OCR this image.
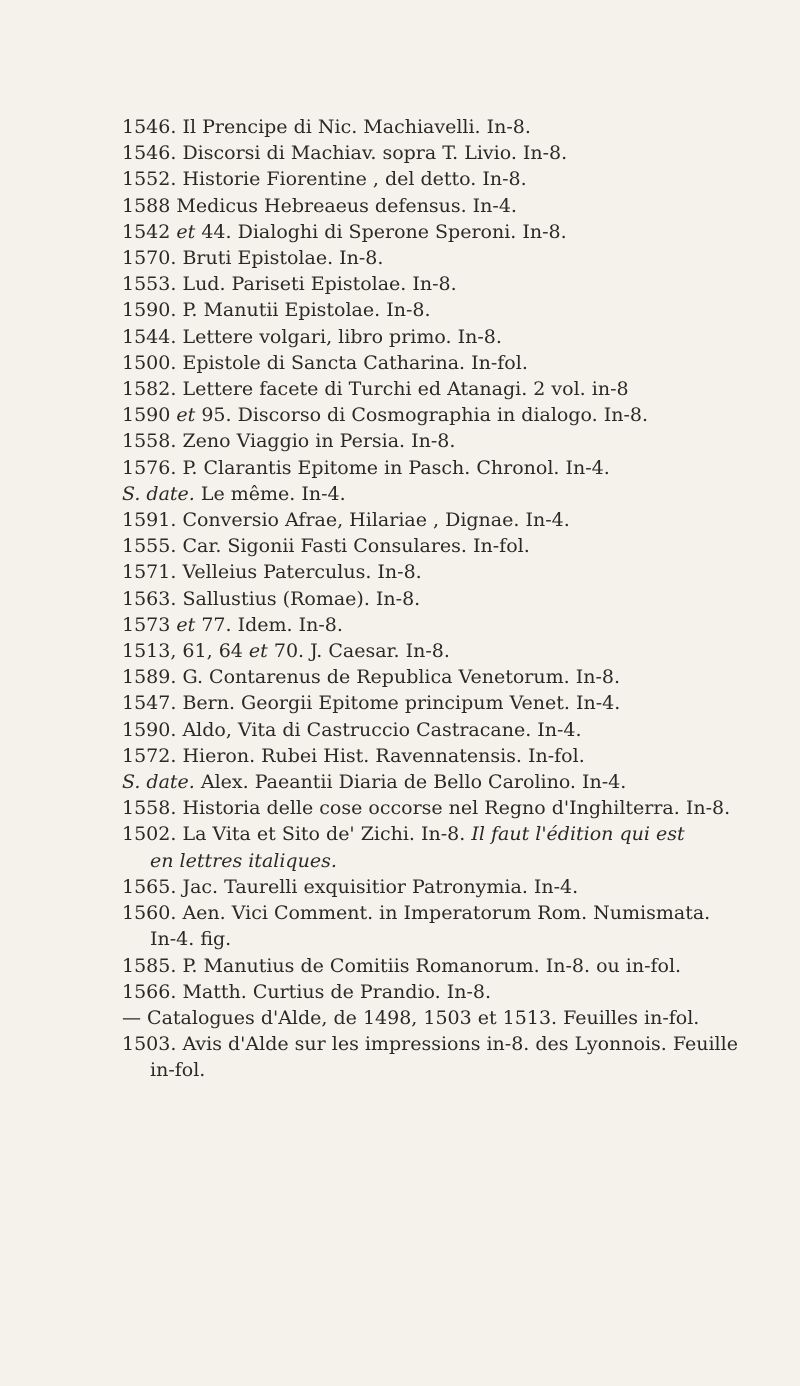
1546. Il Prencipe di Nic. Machiavelli. In-8.
1546. Discorsi di Machiav. sopra T. Livio. In-8.
1552. Historie Fiorentine , del detto. In-8.
1588 Medicus Hebreaeus defensus. In-4.
1542 et 44. Dialoghi di Sperone Speroni. In-8.
1570. Bruti Epistolae. In-8.
1553. Lud. Pariseti Epistolae. In-8.
1590. P. Manutii Epistolae. In-8.
1544. Lettere volgari, libro primo. In-8.
1500. Epistole di Sancta Catharina. In-fol.
1582. Lettere facete di Turchi ed Atanagi. 2 vol. in-8
1590 et 95. Discorso di Cosmographia in dialogo. In-8.
1558. Zeno Viaggio in Persia. In-8.
1576. P. Clarantis Epitome in Pasch. Chronol. In-4.
S. date. Le même. In-4.
1591. Conversio Afrae, Hilariae , Dignae. In-4.
1555. Car. Sigonii Fasti Consulares. In-fol.
1571. Velleius Paterculus. In-8.
1563. Sallustius (Romae). In-8.
1573 et 77. Idem. In-8.
1513, 61, 64 et 70. J. Caesar. In-8.
1589. G. Contarenus de Republica Venetorum. In-8.
1547. Bern. Georgii Epitome principum Venet. In-4.
1590. Aldo, Vita di Castruccio Castracane. In-4.
1572. Hieron. Rubei Hist. Ravennatensis. In-fol.
S. date. Alex. Paeantii Diaria de Bello Carolino. In-4.
1558. Historia delle cose occorse nel Regno d'Inghilterra. In-8.
1502. La Vita et Sito de' Zichi. In-8. Il faut l'édition qui est
en lettres italiques.
1565. Jac. Taurelli exquisitior Patronymia. In-4.
1560. Aen. Vici Comment. in Imperatorum Rom. Numismata.
In-4. fig.
1585. P. Manutius de Comitiis Romanorum. In-8. ou in-fol.
1566. Matth. Curtius de Prandio. In-8.
— Catalogues d'Alde, de 1498, 1503 et 1513. Feuilles in-fol.
1503. Avis d'Alde sur les impressions in-8. des Lyonnois. Feuille
in-fol.
